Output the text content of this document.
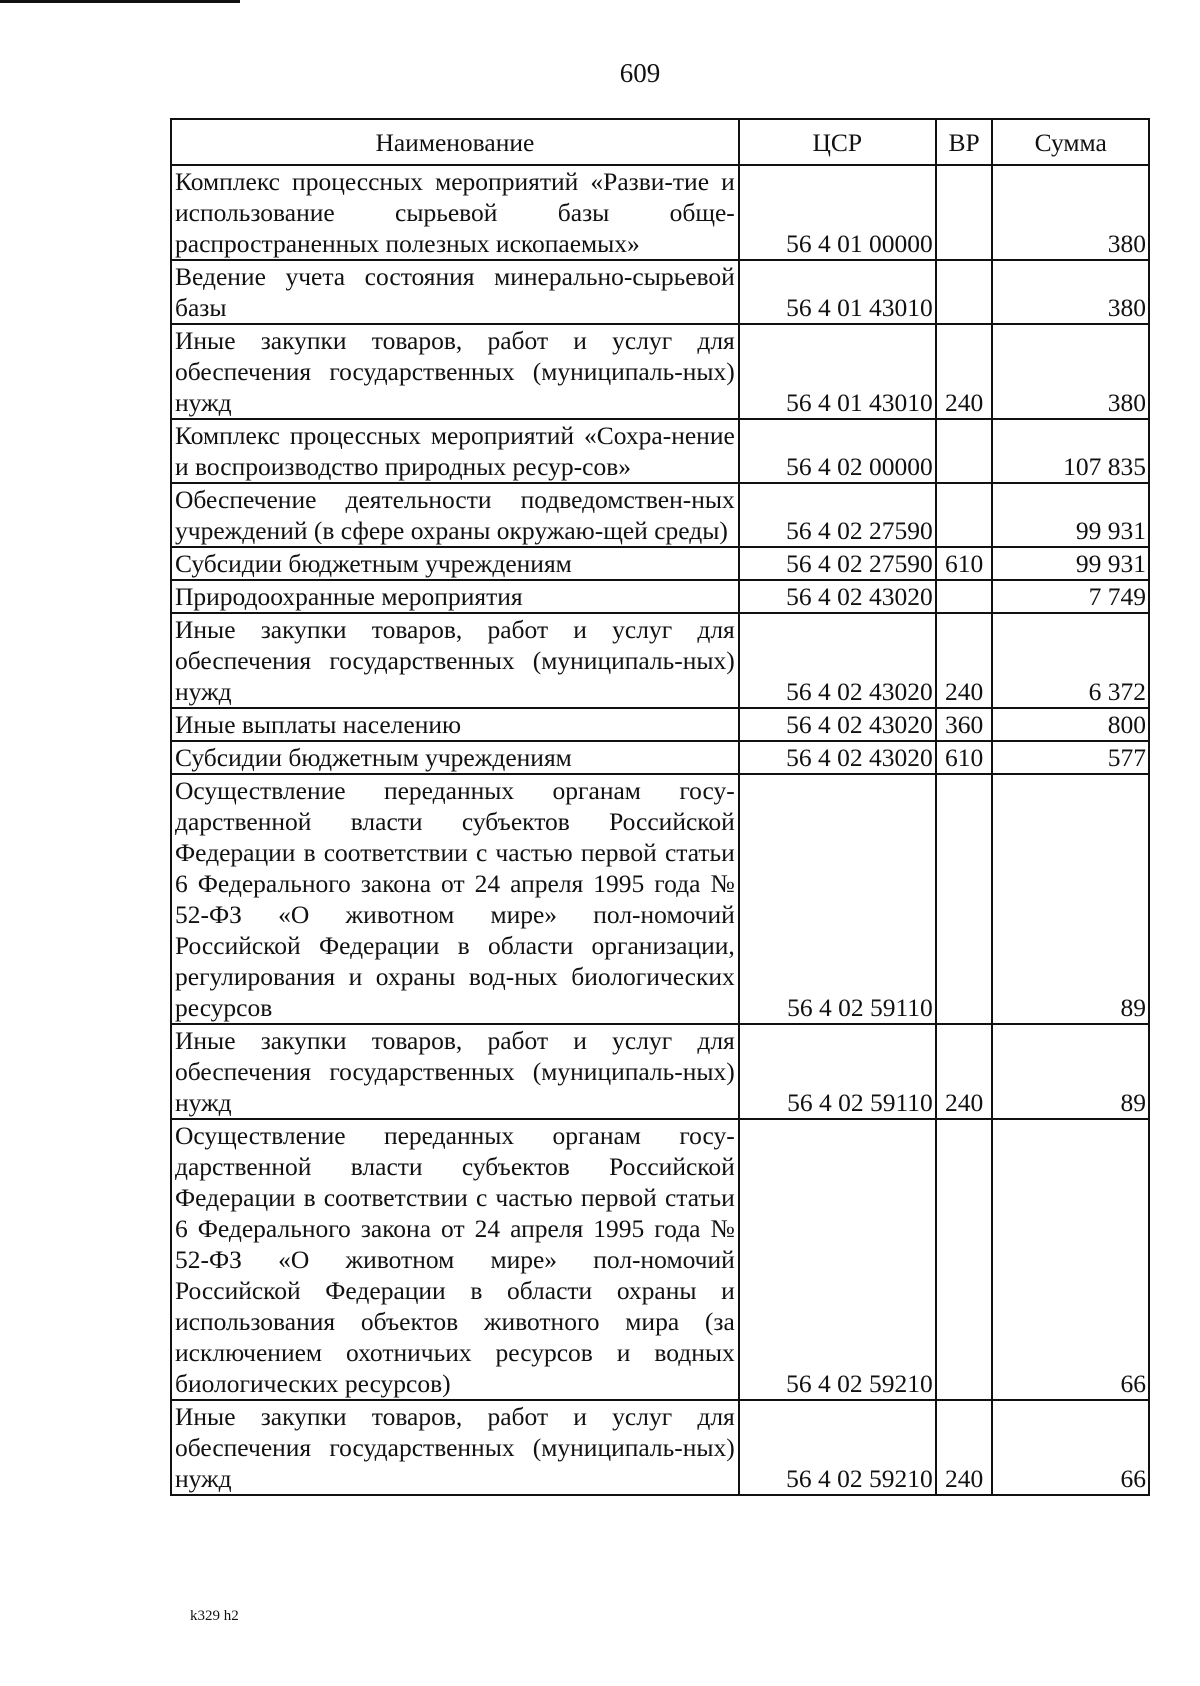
609
Наименование	ЦСР	ВР	Сумма
Комплекс процессных мероприятий «Разви-тие и использование сырьевой базы обще-распространенных полезных ископаемых»	56 4 01 00000		380
Ведение учета состояния минерально-сырьевой базы	56 4 01 43010		380
Иные закупки товаров, работ и услуг для обеспечения государственных (муниципаль-ных) нужд	56 4 01 43010	240	380
Комплекс процессных мероприятий «Сохра-нение и воспроизводство природных ресур-сов»	56 4 02 00000		107 835
Обеспечение деятельности подведомствен-ных учреждений (в сфере охраны окружаю-щей среды)	56 4 02 27590		99 931
Субсидии бюджетным учреждениям	56 4 02 27590	610	99 931
Природоохранные мероприятия	56 4 02 43020		7 749
Иные закупки товаров, работ и услуг для обеспечения государственных (муниципаль-ных) нужд	56 4 02 43020	240	6 372
Иные выплаты населению	56 4 02 43020	360	800
Субсидии бюджетным учреждениям	56 4 02 43020	610	577
Осуществление переданных органам госу-дарственной власти субъектов Российской Федерации в соответствии с частью первой статьи 6 Федерального закона от 24 апреля 1995 года № 52-ФЗ «О животном мире» пол-номочий Российской Федерации в области организации, регулирования и охраны вод-ных биологических ресурсов	56 4 02 59110		89
Иные закупки товаров, работ и услуг для обеспечения государственных (муниципаль-ных) нужд	56 4 02 59110	240	89
Осуществление переданных органам госу-дарственной власти субъектов Российской Федерации в соответствии с частью первой статьи 6 Федерального закона от 24 апреля 1995 года № 52-ФЗ «О животном мире» пол-номочий Российской Федерации в области охраны и использования объектов животного мира (за исключением охотничьих ресурсов и водных биологических ресурсов)	56 4 02 59210		66
Иные закупки товаров, работ и услуг для обеспечения государственных (муниципаль-ных) нужд	56 4 02 59210	240	66
k329 h2
